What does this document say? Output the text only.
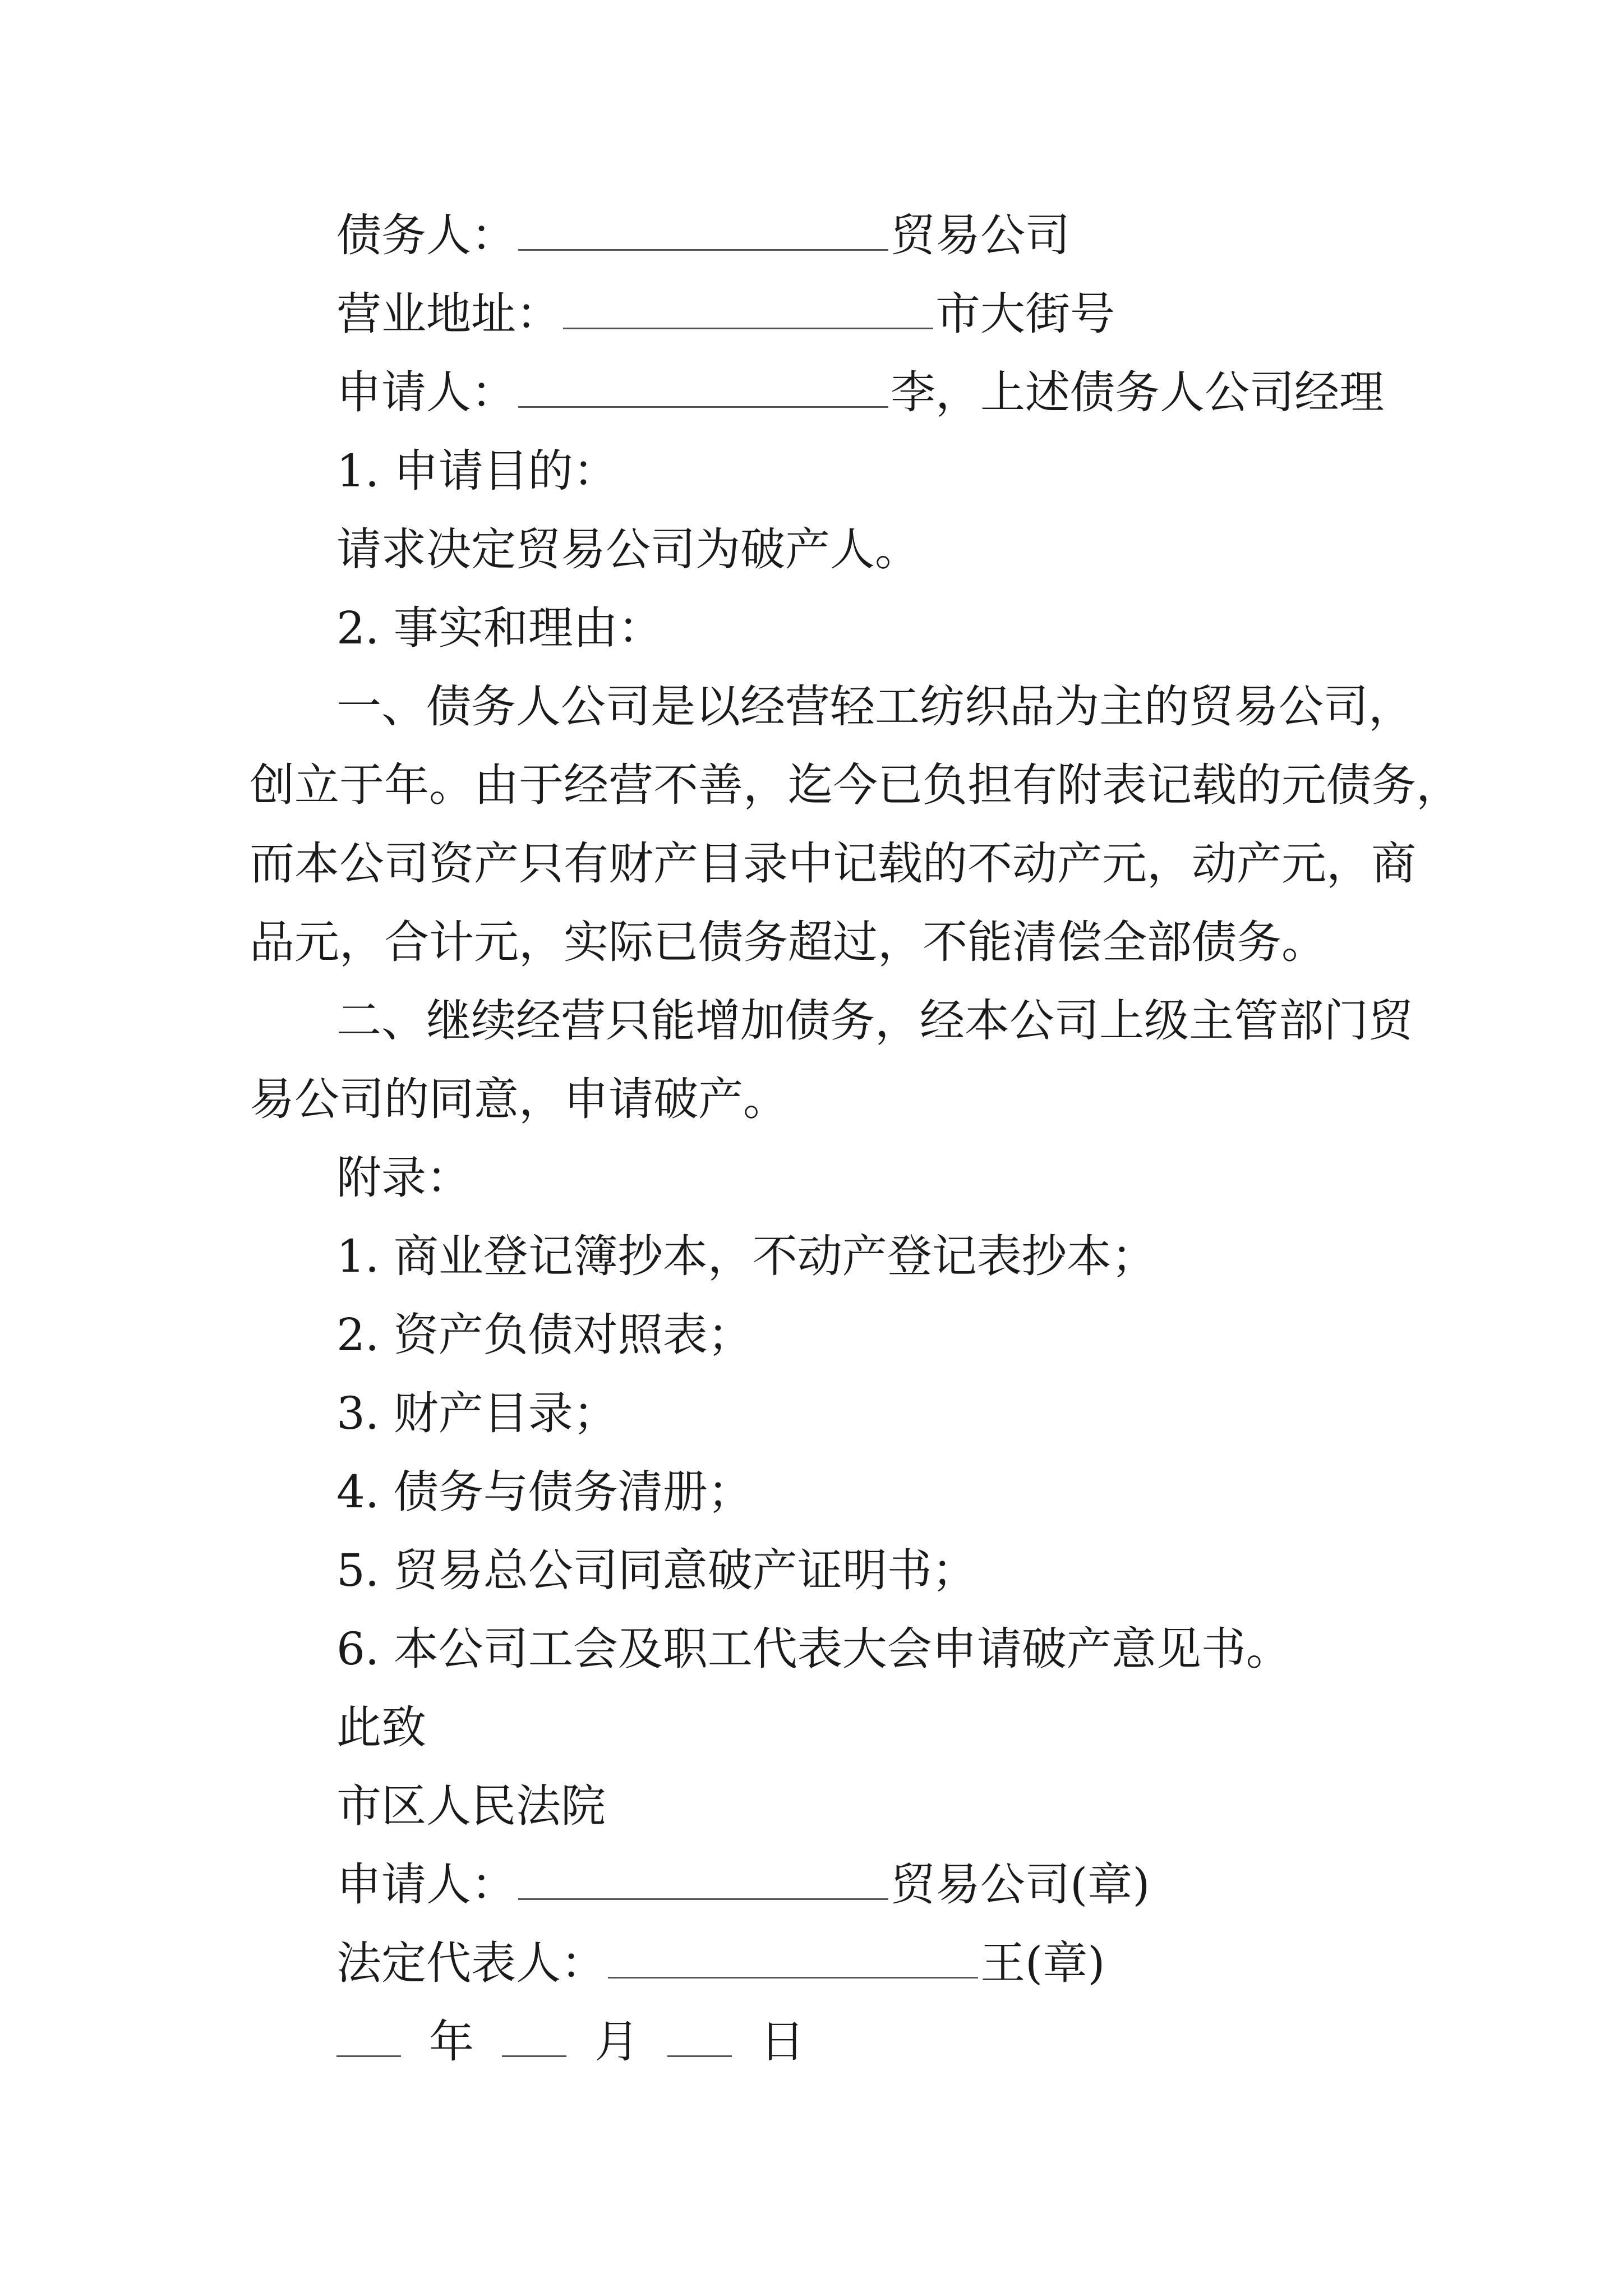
债务人：	贸易公司
营业地址：	市大街号
申请人：	李，上述债务人公司经理
1. 申请目的：
请求决定贸易公司为破产人。
2. 事实和理由：
一、债务人公司是以经营轻工纺织品为主的贸易公司，
创立于年。由于经营不善，迄今已负担有附表记载的元债务，
而本公司资产只有财产目录中记载的不动产元，动产元，商
品元，合计元，实际已债务超过，不能清偿全部债务。
二、继续经营只能增加债务，经本公司上级主管部门贸
易公司的同意，申请破产。
附录：
1. 商业登记簿抄本，不动产登记表抄本；
2. 资产负债对照表；
3. 财产目录；
4. 债务与债务清册；
5. 贸易总公司同意破产证明书；
6. 本公司工会及职工代表大会申请破产意见书。
此致
市区人民法院
申请人：	贸易公司(章)
法定代表人：	王(章)
年	月	日
